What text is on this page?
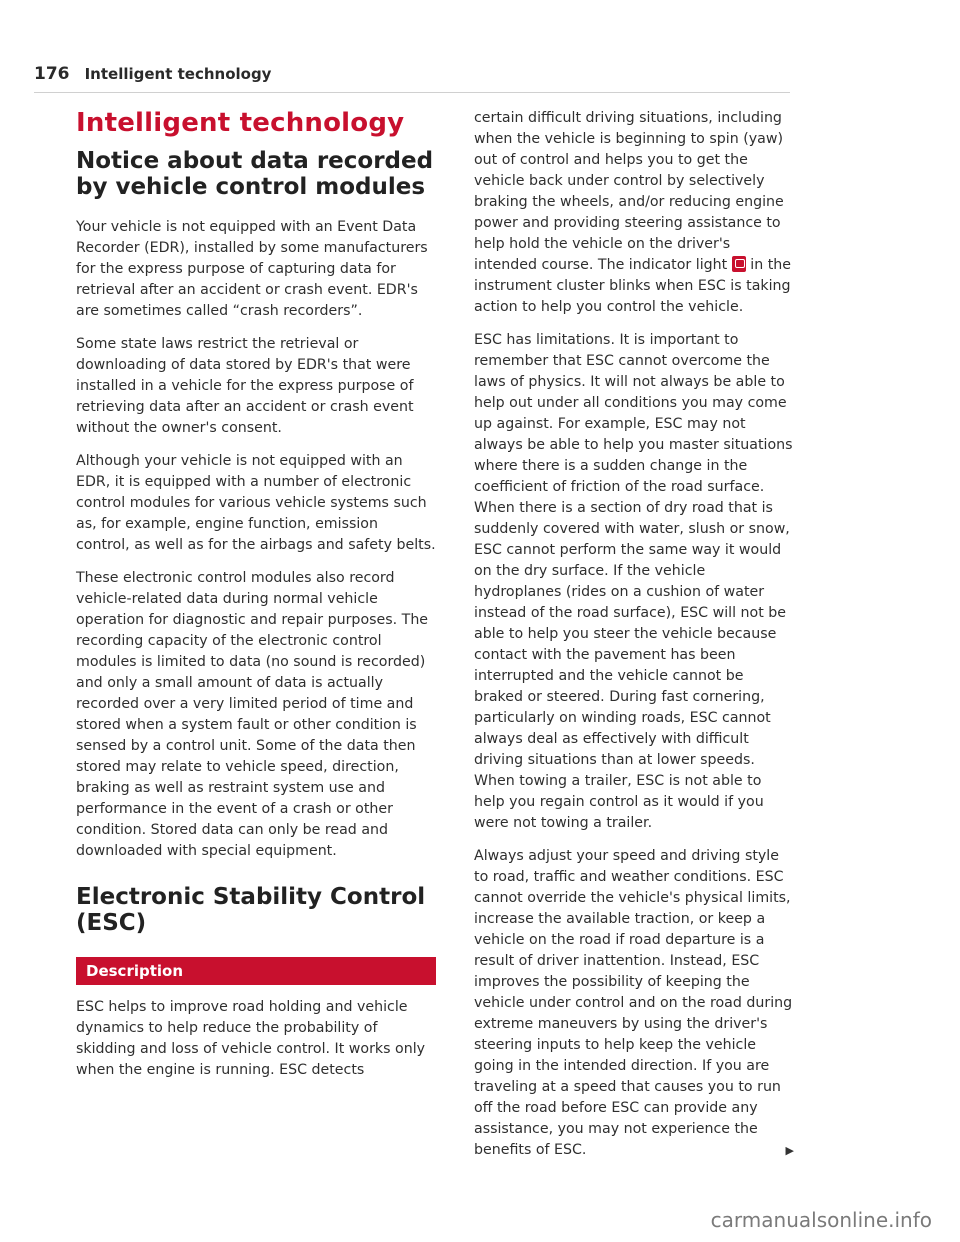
176 Intelligent technology
Intelligent technology
Notice about data recorded by vehicle control modules

Your vehicle is not equipped with an Event Data Recorder (EDR), installed by some manufacturers for the express purpose of capturing data for retrieval after an accident or crash event. EDR's are sometimes called “crash recorders”.

Some state laws restrict the retrieval or downloading of data stored by EDR's that were installed in a vehicle for the express purpose of retrieving data after an accident or crash event without the owner's consent.

Although your vehicle is not equipped with an EDR, it is equipped with a number of electronic control modules for various vehicle systems such as, for example, engine function, emission control, as well as for the airbags and safety belts.

These electronic control modules also record vehicle-related data during normal vehicle operation for diagnostic and repair purposes. The recording capacity of the electronic control modules is limited to data (no sound is recorded) and only a small amount of data is actually recorded over a very limited period of time and stored when a system fault or other condition is sensed by a control unit. Some of the data then stored may relate to vehicle speed, direction, braking as well as restraint system use and performance in the event of a crash or other condition. Stored data can only be read and downloaded with special equipment.

Electronic Stability Control (ESC)
Description

ESC helps to improve road holding and vehicle dynamics to help reduce the probability of skidding and loss of vehicle control. It works only when the engine is running. ESC detects

certain difficult driving situations, including when the vehicle is beginning to spin (yaw) out of control and helps you to get the vehicle back under control by selectively braking the wheels, and/or reducing engine power and providing steering assistance to help hold the vehicle on the driver's intended course. The indicator light in the instrument cluster blinks when ESC is taking action to help you control the vehicle.

ESC has limitations. It is important to remember that ESC cannot overcome the laws of physics. It will not always be able to help out under all conditions you may come up against. For example, ESC may not always be able to help you master situations where there is a sudden change in the coefficient of friction of the road surface. When there is a section of dry road that is suddenly covered with water, slush or snow, ESC cannot perform the same way it would on the dry surface. If the vehicle hydroplanes (rides on a cushion of water instead of the road surface), ESC will not be able to help you steer the vehicle because contact with the pavement has been interrupted and the vehicle cannot be braked or steered. During fast cornering, particularly on winding roads, ESC cannot always deal as effectively with difficult driving situations than at lower speeds. When towing a trailer, ESC is not able to help you regain control as it would if you were not towing a trailer.

Always adjust your speed and driving style to road, traffic and weather conditions. ESC cannot override the vehicle's physical limits, increase the available traction, or keep a vehicle on the road if road departure is a result of driver inattention. Instead, ESC improves the possibility of keeping the vehicle under control and on the road during extreme maneuvers by using the driver's steering inputs to help keep the vehicle going in the intended direction. If you are traveling at a speed that causes you to run off the road before ESC can provide any assistance, you may not experience the benefits of ESC.	▶

carmanualsonline.info
